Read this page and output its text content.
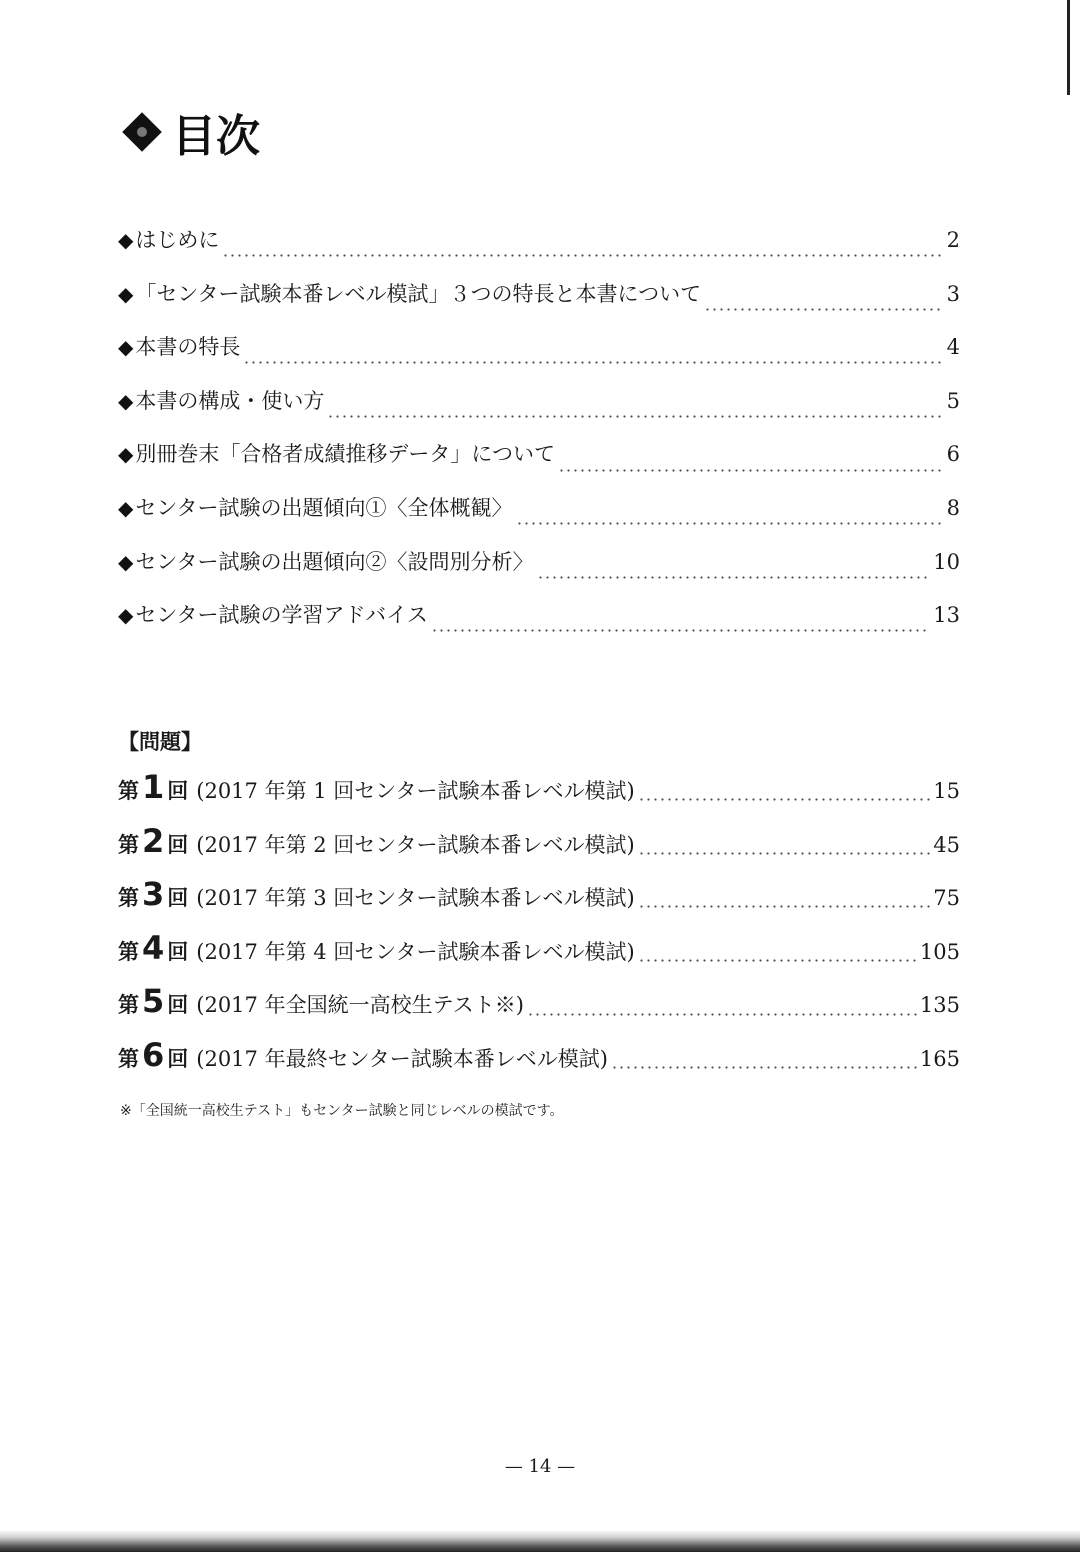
目次
◆ はじめに	2
◆ 「センター試験本番レベル模試」３つの特長と本書について	3
◆ 本書の特長	4
◆ 本書の構成・使い方	5
◆ 別冊巻末「合格者成績推移データ」について	6
◆ センター試験の出題傾向①〈全体概観〉	8
◆ センター試験の出題傾向②〈設問別分析〉	10
◆ センター試験の学習アドバイス	13
【問題】
第1 回 (2017 年第 1 回センター試験本番レベル模試)	15
第2 回 (2017 年第 2 回センター試験本番レベル模試)	45
第3 回 (2017 年第 3 回センター試験本番レベル模試)	75
第4 回 (2017 年第 4 回センター試験本番レベル模試)	105
第5 回 (2017 年全国統一高校生テスト※)	135
第6 回 (2017 年最終センター試験本番レベル模試)	165
※「全国統一高校生テスト」もセンター試験と同じレベルの模試です。
— 14 —
